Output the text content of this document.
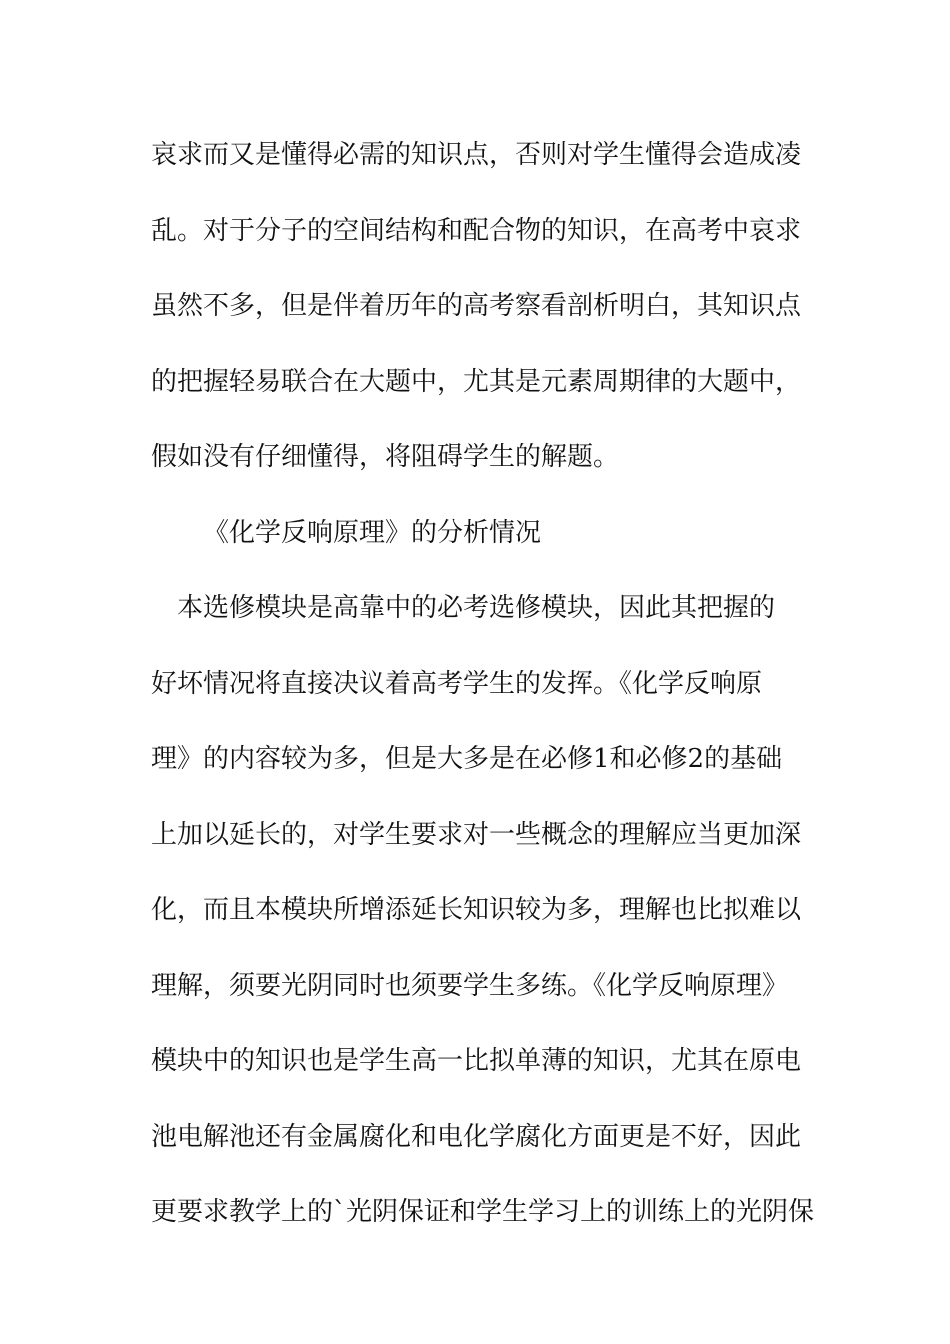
哀求而又是懂得必需的知识点，否则对学生懂得会造成凌
乱。对于分子的空间结构和配合物的知识，在高考中哀求
虽然不多，但是伴着历年的高考察看剖析明白，其知识点
的把握轻易联合在大题中，尤其是元素周期律的大题中，
假如没有仔细懂得，将阻碍学生的解题。
《化学反响原理》的分析情况
　本选修模块是高靠中的必考选修模块，因此其把握的
好坏情况将直接决议着高考学生的发挥。《化学反响原
理》的内容较为多，但是大多是在必修1和必修2的基础
上加以延长的，对学生要求对一些概念的理解应当更加深
化，而且本模块所增添延长知识较为多，理解也比拟难以
理解，须要光阴同时也须要学生多练。《化学反响原理》
模块中的知识也是学生高一比拟单薄的知识，尤其在原电
池电解池还有金属腐化和电化学腐化方面更是不好，因此
更要求教学上的`光阴保证和学生学习上的训练上的光阴保
